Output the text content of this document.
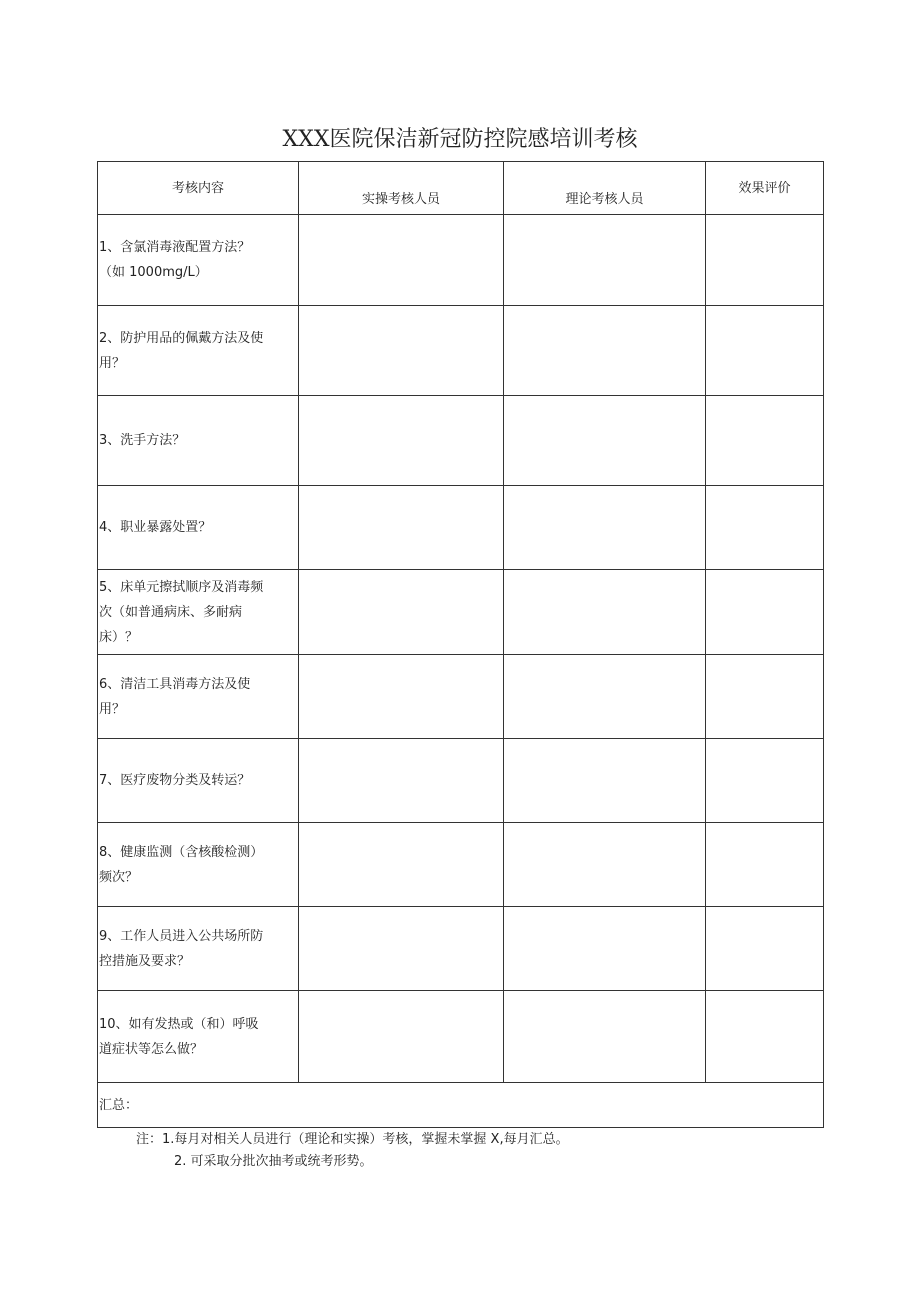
XXX医院保洁新冠防控院感培训考核
考核内容	实操考核人员	理论考核人员	效果评价

1、含氯消毒液配置方法？
（如 1000mg/L）			

2、防护用品的佩戴方法及使
用？			

3、洗手方法？			

4、职业暴露处置？			

5、床单元擦拭顺序及消毒频
次（如普通病床、多耐病
床）？			

6、清洁工具消毒方法及使
用？			

7、医疗废物分类及转运？			

8、健康监测（含核酸检测）
频次？			

9、工作人员进入公共场所防
控措施及要求？			

10、如有发热或（和）呼吸
道症状等怎么做？			

汇总：			
注：1.每月对相关人员进行（理论和实操）考核，掌握未掌握 X,每月汇总。
2. 可采取分批次抽考或统考形势。
